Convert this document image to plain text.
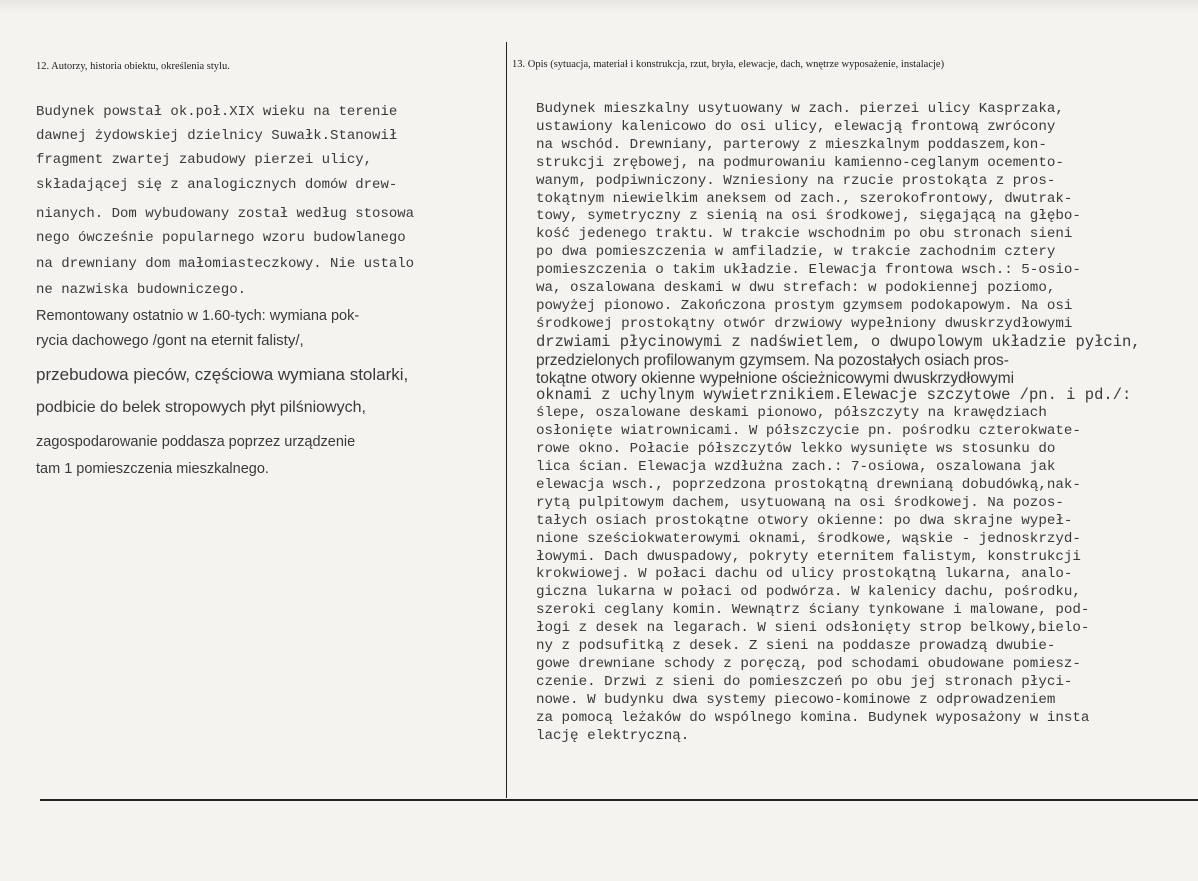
12. Autorzy, historia obiektu, określenia stylu.	13. Opis (sytuacja, materiał i konstrukcja, rzut, bryła, elewacje, dach, wnętrze wyposażenie, instalacje)
Budynek powstał ok.poł.XIX wieku na terenie
dawnej żydowskiej dzielnicy Suwałk.Stanowił
fragment zwartej zabudowy pierzei ulicy,
składającej się z analogicznych domów drew-
nianych. Dom wybudowany został według stosowa
nego ówcześnie popularnego wzoru budowlanego
na drewniany dom małomiasteczkowy. Nie ustalo
ne nazwiska budowniczego.
Remontowany ostatnio w 1.60-tych: wymiana pok-
rycia dachowego /gont na eternit falisty/,
przebudowa pieców, częściowa wymiana stolarki,
podbicie do belek stropowych płyt pilśniowych,
zagospodarowanie poddasza poprzez urządzenie
tam 1 pomieszczenia mieszkalnego.
Budynek mieszkalny usytuowany w zach. pierzei ulicy Kasprzaka,
ustawiony kalenicowo do osi ulicy, elewacją frontową zwrócony
na wschód. Drewniany, parterowy z mieszkalnym poddaszem,kon-
strukcji zrębowej, na podmurowaniu kamienno-ceglanym ocemento-
wanym, podpiwniczony. Wzniesiony na rzucie prostokąta z pros-
tokątnym niewielkim aneksem od zach., szerokofrontowy, dwutrak-
towy, symetryczny z sienią na osi środkowej, sięgającą na głębo-
kość jedenego traktu. W trakcie wschodnim po obu stronach sieni
po dwa pomieszczenia w amfiladzie, w trakcie zachodnim cztery
pomieszczenia o takim układzie. Elewacja frontowa wsch.: 5-osio-
wa, oszalowana deskami w dwu strefach: w podokiennej poziomo,
powyżej pionowo. Zakończona prostym gzymsem podokapowym. Na osi
środkowej prostokątny otwór drzwiowy wypełniony dwuskrzydłowymi
drzwiami płycinowymi z nadświetlem, o dwupolowym układzie pyłcin,
przedzielonych profilowanym gzymsem. Na pozostałych osiach pros-
tokątne otwory okienne wypełnione ościeżnicowymi dwuskrzydłowymi
oknami z uchylnym wywietrznikiem.Elewacje szczytowe /pn. i pd./:
ślepe, oszalowane deskami pionowo, półszczyty na krawędziach
osłonięte wiatrownicami. W półszczycie pn. pośrodku czterokwate-
rowe okno. Połacie półszczytów lekko wysunięte ws stosunku do
lica ścian. Elewacja wzdłużna zach.: 7-osiowa, oszalowana jak
elewacja wsch., poprzedzona prostokątną drewnianą dobudówką,nak-
rytą pulpitowym dachem, usytuowaną na osi środkowej. Na pozos-
tałych osiach prostokątne otwory okienne: po dwa skrajne wypeł-
nione sześciokwaterowymi oknami, środkowe, wąskie - jednoskrzyd-
łowymi. Dach dwuspadowy, pokryty eternitem falistym, konstrukcji
krokwiowej. W połaci dachu od ulicy prostokątną lukarna, analo-
giczna lukarna w połaci od podwórza. W kalenicy dachu, pośrodku,
szeroki ceglany komin. Wewnątrz ściany tynkowane i malowane, pod-
łogi z desek na legarach. W sieni odsłonięty strop belkowy,bielo-
ny z podsufitką z desek. Z sieni na poddasze prowadzą dwubie-
gowe drewniane schody z poręczą, pod schodami obudowane pomiesz-
czenie. Drzwi z sieni do pomieszczeń po obu jej stronach płyci-
nowe. W budynku dwa systemy piecowo-kominowe z odprowadzeniem
za pomocą leżaków do wspólnego komina. Budynek wyposażony w insta
lację elektryczną.
